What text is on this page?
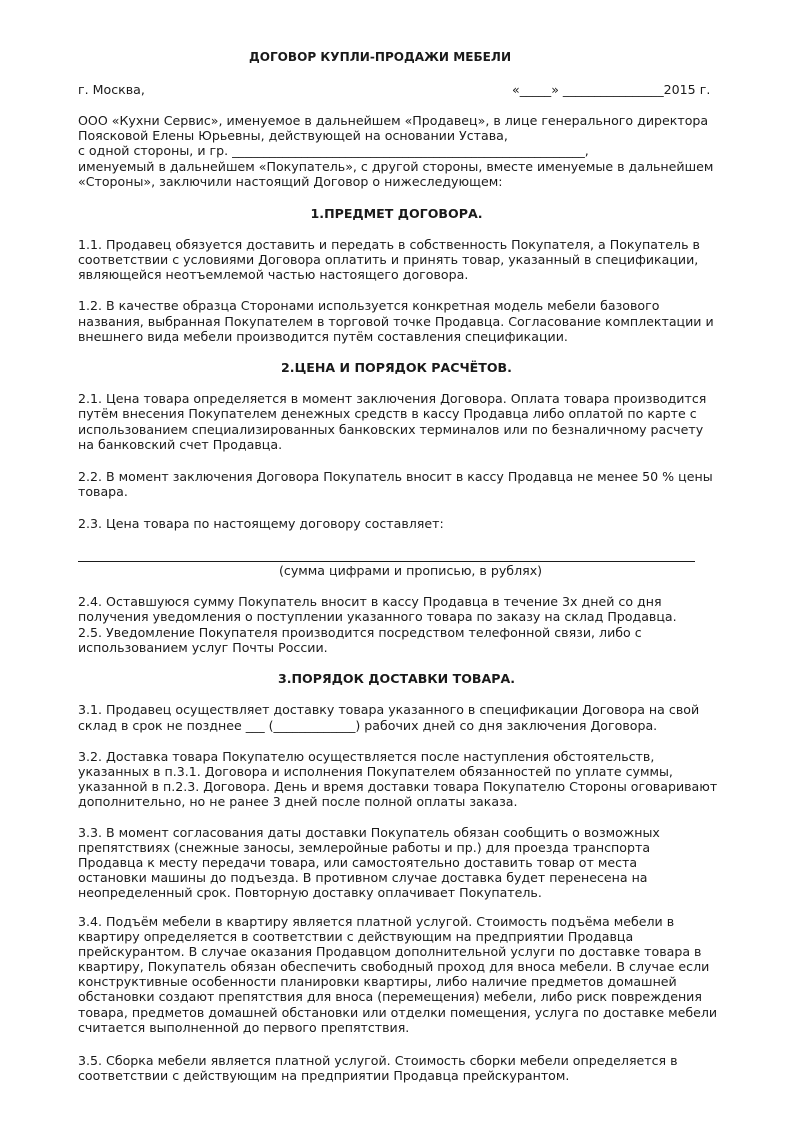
ДОГОВОР КУПЛИ-ПРОДАЖИ МЕБЕЛИ
г. Москва,	«_____» ________________2015 г.
ООО «Кухни Сервис», именуемое в дальнейшем «Продавец», в лице генерального директора
Поясковой Елены Юрьевны, действующей на основании Устава,
с одной стороны, и гр. ________________________________________________________,
именуемый в дальнейшем «Покупатель», с другой стороны, вместе именуемые в дальнейшем
«Стороны», заключили настоящий Договор о нижеследующем:
1.ПРЕДМЕТ ДОГОВОРА.
1.1. Продавец обязуется доставить и передать в собственность Покупателя, а Покупатель в
соответствии с условиями Договора оплатить и принять товар, указанный в спецификации,
являющейся неотъемлемой частью настоящего договора.
1.2. В качестве образца Сторонами используется конкретная модель мебели базового
названия, выбранная Покупателем в торговой точке Продавца. Согласование комплектации и
внешнего вида мебели производится путём составления спецификации.
2.ЦЕНА И ПОРЯДОК РАСЧЁТОВ.
2.1. Цена товара определяется в момент заключения Договора. Оплата товара производится
путём внесения Покупателем денежных средств в кассу Продавца либо оплатой по карте с
использованием специализированных банковских терминалов или по безналичному расчету
на банковский счет Продавца.
2.2. В момент заключения Договора Покупатель вносит в кассу Продавца не менее 50 % цены
товара.
2.3. Цена товара по настоящему договору составляет:
(сумма цифрами и прописью, в рублях)
2.4. Оставшуюся сумму Покупатель вносит в кассу Продавца в течение 3х дней со дня
получения уведомления о поступлении указанного товара по заказу на склад Продавца.
2.5. Уведомление Покупателя производится посредством телефонной связи, либо с
использованием услуг Почты России.
3.ПОРЯДОК ДОСТАВКИ ТОВАРА.
3.1. Продавец осуществляет доставку товара указанного в спецификации Договора на свой
склад в срок не позднее ___ (_____________) рабочих дней со дня заключения Договора.
3.2. Доставка товара Покупателю осуществляется после наступления обстоятельств,
указанных в п.3.1. Договора и исполнения Покупателем обязанностей по уплате суммы,
указанной в п.2.3. Договора. День и время доставки товара Покупателю Стороны оговаривают
дополнительно, но не ранее 3 дней после полной оплаты заказа.
3.3. В момент согласования даты доставки Покупатель обязан сообщить о возможных
препятствиях (снежные заносы, землеройные работы и пр.) для проезда транспорта
Продавца к месту передачи товара, или самостоятельно доставить товар от места
остановки машины до подъезда. В противном случае доставка будет перенесена на
неопределенный срок. Повторную доставку оплачивает Покупатель.
3.4. Подъём мебели в квартиру является платной услугой. Стоимость подъёма мебели в
квартиру определяется в соответствии с действующим на предприятии Продавца
прейскурантом. В случае оказания Продавцом дополнительной услуги по доставке товара в
квартиру, Покупатель обязан обеспечить свободный проход для вноса мебели. В случае если
конструктивные особенности планировки квартиры, либо наличие предметов домашней
обстановки создают препятствия для вноса (перемещения) мебели, либо риск повреждения
товара, предметов домашней обстановки или отделки помещения, услуга по доставке мебели
считается выполненной до первого препятствия.
3.5. Сборка мебели является платной услугой. Стоимость сборки мебели определяется в
соответствии с действующим на предприятии Продавца прейскурантом.
